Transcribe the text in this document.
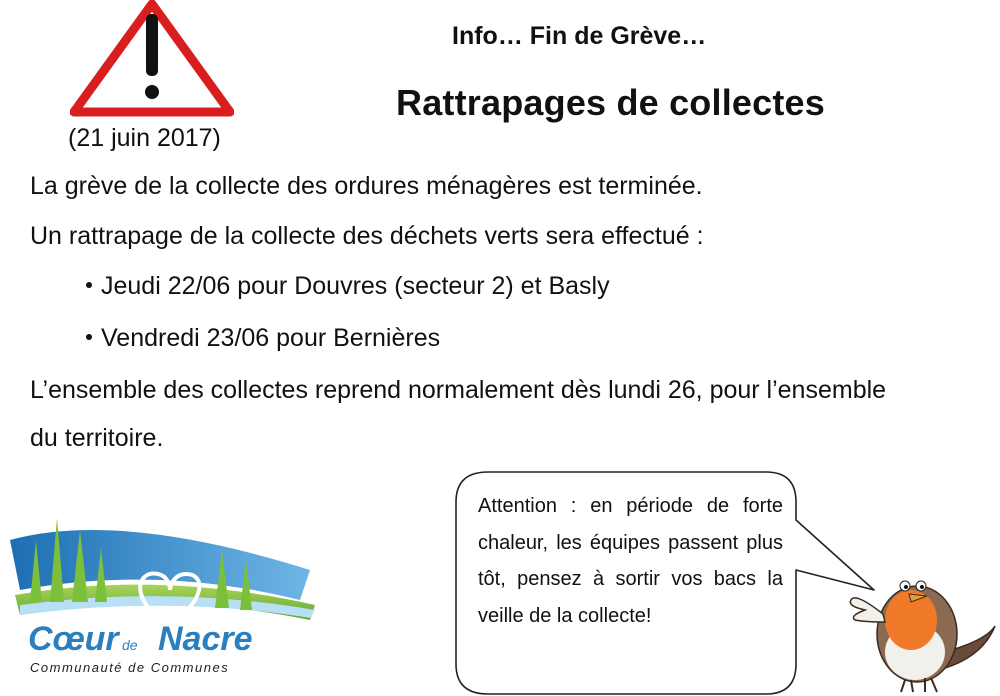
(21 juin 2017)
Info… Fin de Grève…
Rattrapages de collectes
La grève de la collecte des ordures ménagères est terminée.
Un rattrapage de la collecte des déchets verts sera effectué :
Jeudi 22/06 pour Douvres (secteur 2) et Basly
Vendredi 23/06 pour Bernières
L’ensemble des collectes reprend normalement dès lundi 26, pour l’ensemble
du territoire.
Attention : en période de forte chaleur, les équipes passent plus tôt, pensez à sortir vos bacs la veille de la collecte!
Cœur de Nacre
Communauté de Communes
